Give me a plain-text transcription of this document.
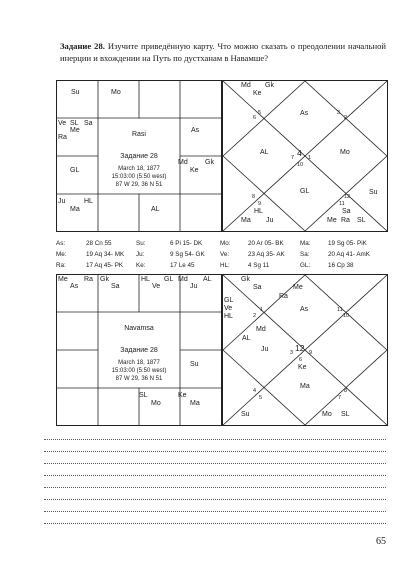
Задание 28. Изучите приведённую карту. Что можно сказать о преодолении начальной инерции и вхождении на Путь по дустханам в Навамше?
Su	Mo
Ve SL Sa
Me
Ra
As
GL
Md Gk
Ke
Ju	HL
Ma	AL
Rasi
Задание 28
March 18, 1877
15:03:00 (5:50 west)
87 W 29, 36 N 51
Md Gk
Ke
6
5	As	3
2
AL
7 4 1
10
Mo
8
9
HL
Ma Ju
GL
12
11
Su
Sa
Me Ra SL
As:	28 Cn 55	Su:	6 Pi 15- DK	Mo:	20 Ar 05- BK	Ma:	19 Sg 05- PiK
Me:	19 Aq 34- MK Ju:	9 Sg 54- GK Ve:	23 Aq 35- AK Sa:	20 Aq 41- AmK
Ra:	17 Aq 45- PK Ke:	17 Le 45	HL:	4 Sg 11	GL:	16 Cp 38
Me
As
Ra Gk
Sa
HL GL
Ve
Md AL
Ju
Su
SL
Mo
Ke
Ma
Navamsa
Задание 28
March 18, 1877
15:03:00 (5:50 west)
87 W 29, 36 N 51
Gk
Sa	Me
Ra
GL
Ve
HL	2
1	As	11
10
Md
AL
Ju	3 12 9
6
Ke
Ma
4
5
8
7
Su	Mo SL
65
